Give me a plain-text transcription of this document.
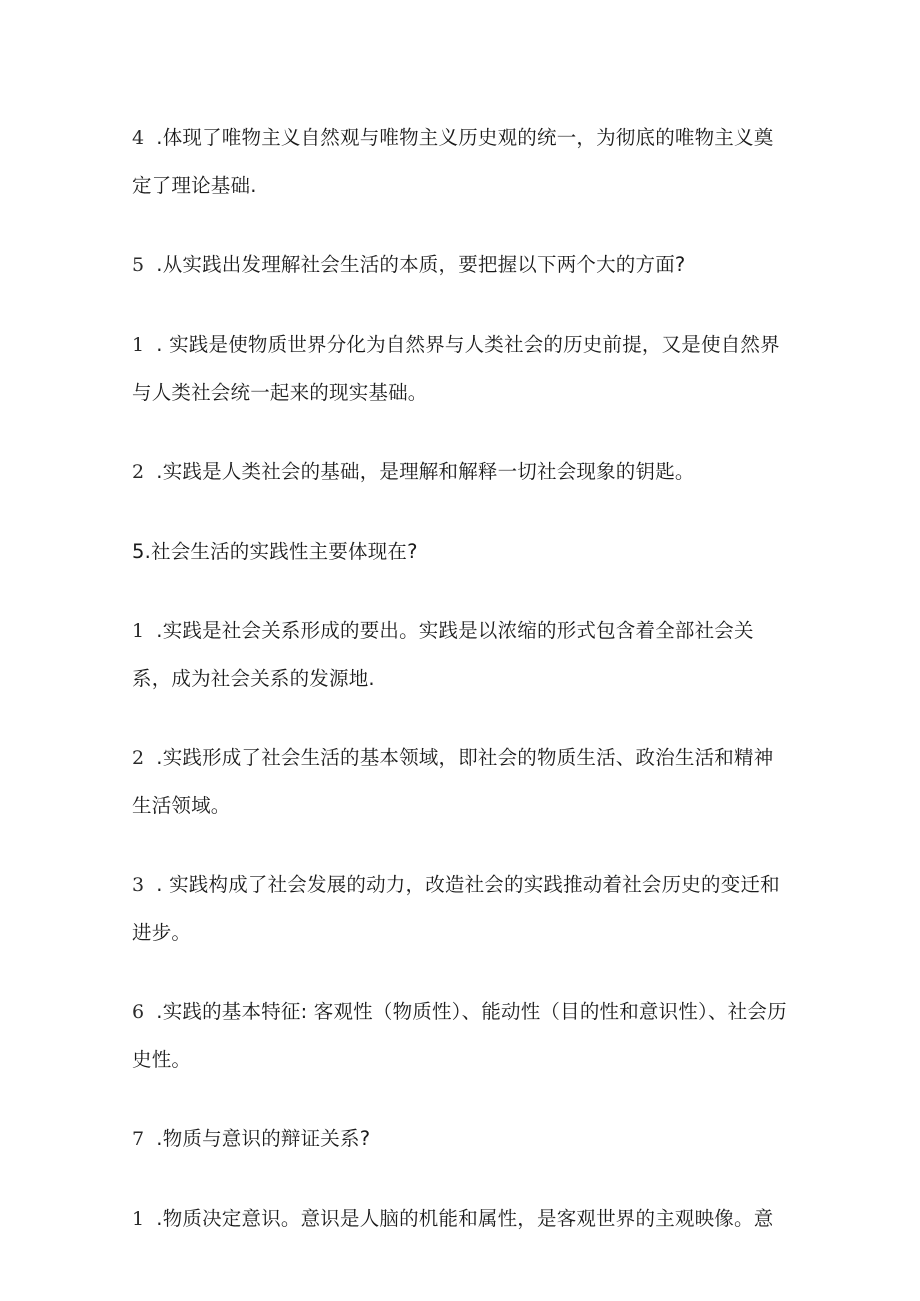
4 .体现了唯物主义自然观与唯物主义历史观的统一，为彻底的唯物主义奠定了理论基础.

5 .从实践出发理解社会生活的本质，要把握以下两个大的方面?

1 . 实践是使物质世界分化为自然界与人类社会的历史前提，又是使自然界与人类社会统一起来的现实基础。

2 .实践是人类社会的基础，是理解和解释一切社会现象的钥匙。

5.社会生活的实践性主要体现在?

1 .实践是社会关系形成的要出。实践是以浓缩的形式包含着全部社会关系，成为社会关系的发源地.

2 .实践形成了社会生活的基本领域，即社会的物质生活、政治生活和精神生活领域。

3 . 实践构成了社会发展的动力，改造社会的实践推动着社会历史的变迁和进步。

6 .实践的基本特征: 客观性（物质性）、能动性（目的性和意识性）、社会历史性。

7 .物质与意识的辩证关系?

1 .物质决定意识。意识是人脑的机能和属性，是客观世界的主观映像。意
